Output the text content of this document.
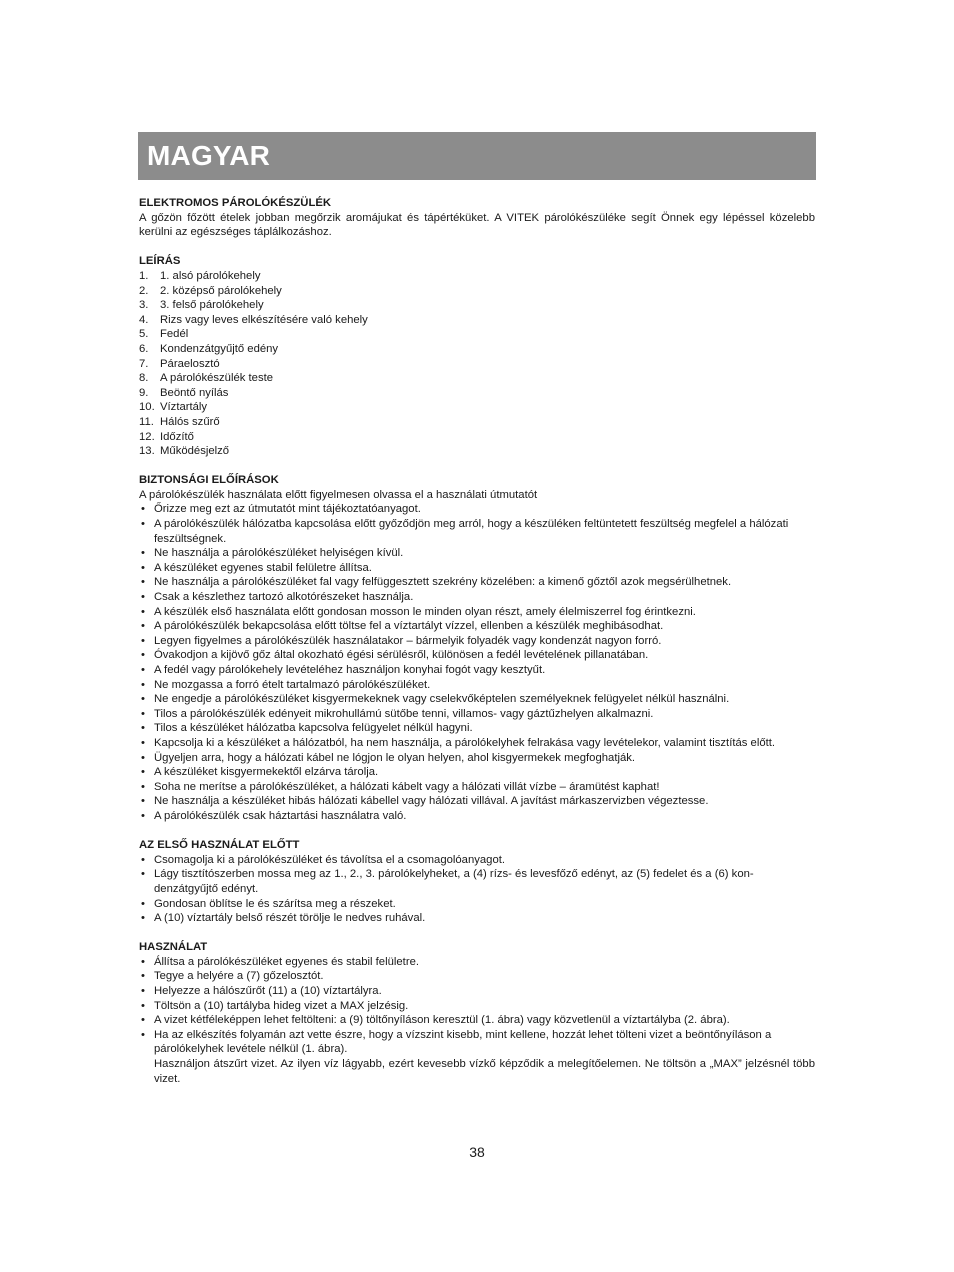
MAGYAR
ELEKTROMOS PÁROLÓKÉSZÜLÉK

A gőzön főzött ételek jobban megőrzik aromájukat és tápértéküket. A VITEK párolókészüléke segít Önnek egy lépéssel közelebb kerülni az egészséges táplálkozáshoz.

LEÍRÁS
1.	1. alsó párolókehely
2.	2. középső párolókehely
3.	3. felső párolókehely
4.	Rizs vagy leves elkészítésére való kehely
5.	Fedél
6.	Kondenzátgyűjtő edény
7.	Páraelosztó
8.	A párolókészülék teste
9.	Beöntő nyílás
10. Víztartály
11. Hálós szűrő
12. Időzítő
13. Működésjelző
BIZTONSÁGI ELŐÍRÁSOK

A párolókészülék használata előtt figyelmesen olvassa el a használati útmutatót

• Őrizze meg ezt az útmutatót mint tájékoztatóanyagot.
• A párolókészülék hálózatba kapcsolása előtt győződjön meg arról, hogy a készüléken feltüntetett feszültség megfelel a hálózati feszültségnek.
• Ne használja a párolókészüléket helyiségen kívül.
• A készüléket egyenes stabil felületre állítsa.
• Ne használja a párolókészüléket fal vagy felfüggesztett szekrény közelében: a kimenő gőztől azok megsérülhetnek.
• Csak a készlethez tartozó alkotórészeket használja.
• A készülék első használata előtt gondosan mosson le minden olyan részt, amely élelmiszerrel fog érintkezni.
• A párolókészülék bekapcsolása előtt töltse fel a víztartályt vízzel, ellenben a készülék meghibásodhat.
• Legyen figyelmes a párolókészülék használatakor – bármelyik folyadék vagy kondenzát nagyon forró.
• Óvakodjon a kijövő gőz által okozható égési sérülésről, különösen a fedél levételének pillanatában.
• A fedél vagy párolókehely levételéhez használjon konyhai fogót vagy kesztyűt.
• Ne mozgassa a forró ételt tartalmazó párolókészüléket.
• Ne engedje a párolókészüléket kisgyermekeknek vagy cselekvőképtelen személyeknek felügyelet nélkül használni.
• Tilos a párolókészülék edényeit mikrohullámú sütőbe tenni, villamos- vagy gáztűzhelyen alkalmazni.
• Tilos a készüléket hálózatba kapcsolva felügyelet nélkül hagyni.
• Kapcsolja ki a készüléket a hálózatból, ha nem használja, a párolókelyhek felrakása vagy levételekor, valamint tisztítás előtt.
• Ügyeljen arra, hogy a hálózati kábel ne lógjon le olyan helyen, ahol kisgyermekek megfoghatják.
• A készüléket kisgyermekektől elzárva tárolja.
• Soha ne merítse a párolókészüléket, a hálózati kábelt vagy a hálózati villát vízbe – áramütést kaphat!
• Ne használja a készüléket hibás hálózati kábellel vagy hálózati villával. A javítást márkaszervizben végeztesse.
• A párolókészülék csak háztartási használatra való.
AZ ELSŐ HASZNÁLAT ELŐTT
• Csomagolja ki a párolókészüléket és távolítsa el a csomagolóanyagot.
• Lágy tisztítószerben mossa meg az 1., 2., 3. párolókelyheket, a (4) rízs- és levesfőző edényt, az (5) fedelet és a (6) kon-denzátgyűjtő edényt.
• Gondosan öblítse le és szárítsa meg a részeket.
• A (10) víztartály belső részét törölje le nedves ruhával.
HASZNÁLAT
• Állítsa a párolókészüléket egyenes és stabil felületre.
• Tegye a helyére a (7) gőzelosztót.
• Helyezze a hálószűrőt (11) a (10) víztartályra.
• Töltsön a (10) tartályba hideg vizet a MAX jelzésig.
• A vizet kétféleképpen lehet feltölteni: a (9) töltőnyíláson keresztül (1. ábra) vagy közvetlenül a víztartályba (2. ábra).
• Ha az elkészítés folyamán azt vette észre, hogy a vízszint kisebb, mint kellene, hozzát lehet tölteni vizet a beöntőnyíláson a párolókelyhek levétele nélkül (1. ábra).

Használjon átszűrt vizet. Az ilyen víz lágyabb, ezért kevesebb vízkő képződik a melegítőelemen. Ne töltsön a „MAX” jelzésnél több vizet.

38
